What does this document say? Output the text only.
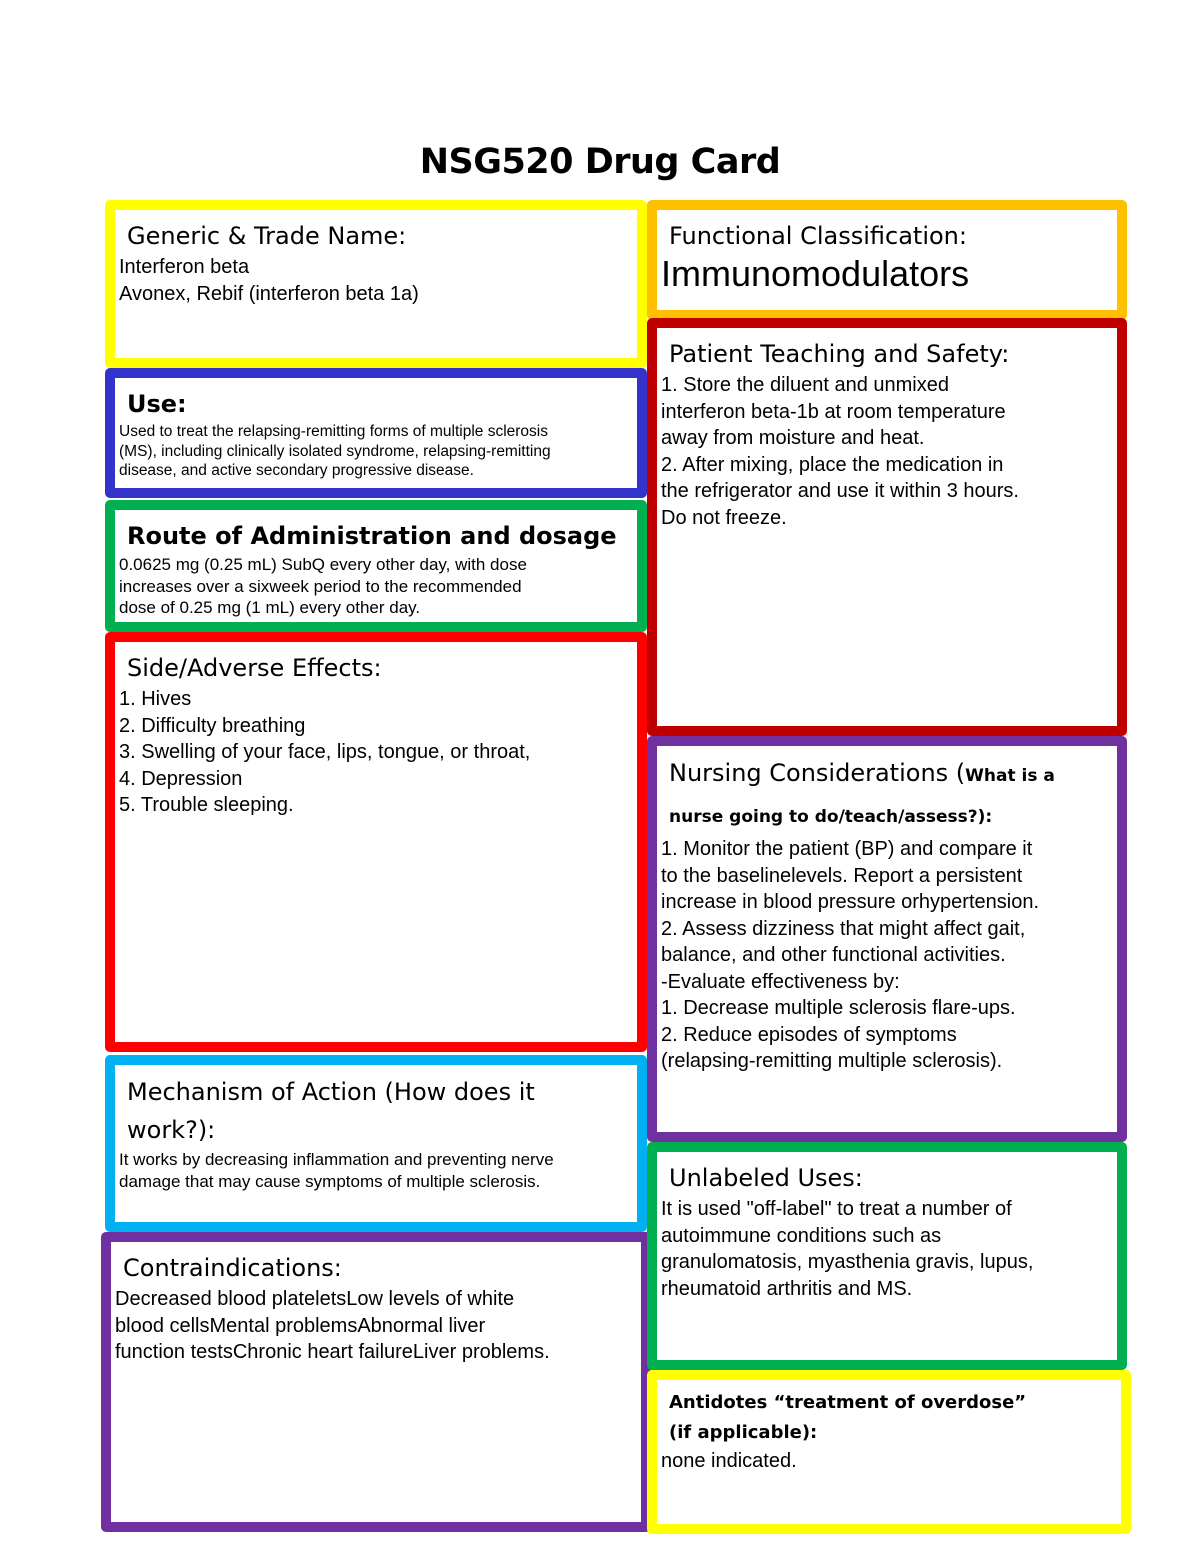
NSG520 Drug Card
Generic & Trade Name:
Interferon beta
Avonex, Rebif (interferon beta 1a)
Use:
Used to treat the relapsing-remitting forms of multiple sclerosis
(MS), including clinically isolated syndrome, relapsing-remitting
disease, and active secondary progressive disease.
Route of Administration and dosage
0.0625 mg (0.25 mL) SubQ every other day, with dose
increases over a sixweek period to the recommended
dose of 0.25 mg (1 mL) every other day.
Side/Adverse Effects:
1. Hives
2. Difficulty breathing
3. Swelling of your face, lips, tongue, or throat,
4. Depression
5. Trouble sleeping.
Mechanism of Action (How does it work?):
It works by decreasing inflammation and preventing nerve
damage that may cause symptoms of multiple sclerosis.
Contraindications:
Decreased blood plateletsLow levels of white
blood cellsMental problemsAbnormal liver
function testsChronic heart failureLiver problems.
Functional Classification:
Immunomodulators
Patient Teaching and Safety:
1. Store the diluent and unmixed
interferon beta-1b at room temperature
away from moisture and heat.
2. After mixing, place the medication in
the refrigerator and use it within 3 hours.
Do not freeze.
Nursing Considerations (What is a nurse going to do/teach/assess?):
1. Monitor the patient (BP) and compare it
to the baselinelevels. Report a persistent
increase in blood pressure orhypertension.
2. Assess dizziness that might affect gait,
balance, and other functional activities.
-Evaluate effectiveness by:
1. Decrease multiple sclerosis flare-ups.
2. Reduce episodes of symptoms
(relapsing-remitting multiple sclerosis).
Unlabeled Uses:
It is used "off-label" to treat a number of
autoimmune conditions such as
granulomatosis, myasthenia gravis, lupus,
rheumatoid arthritis and MS.
Antidotes “treatment of overdose” (if applicable):
none indicated.
